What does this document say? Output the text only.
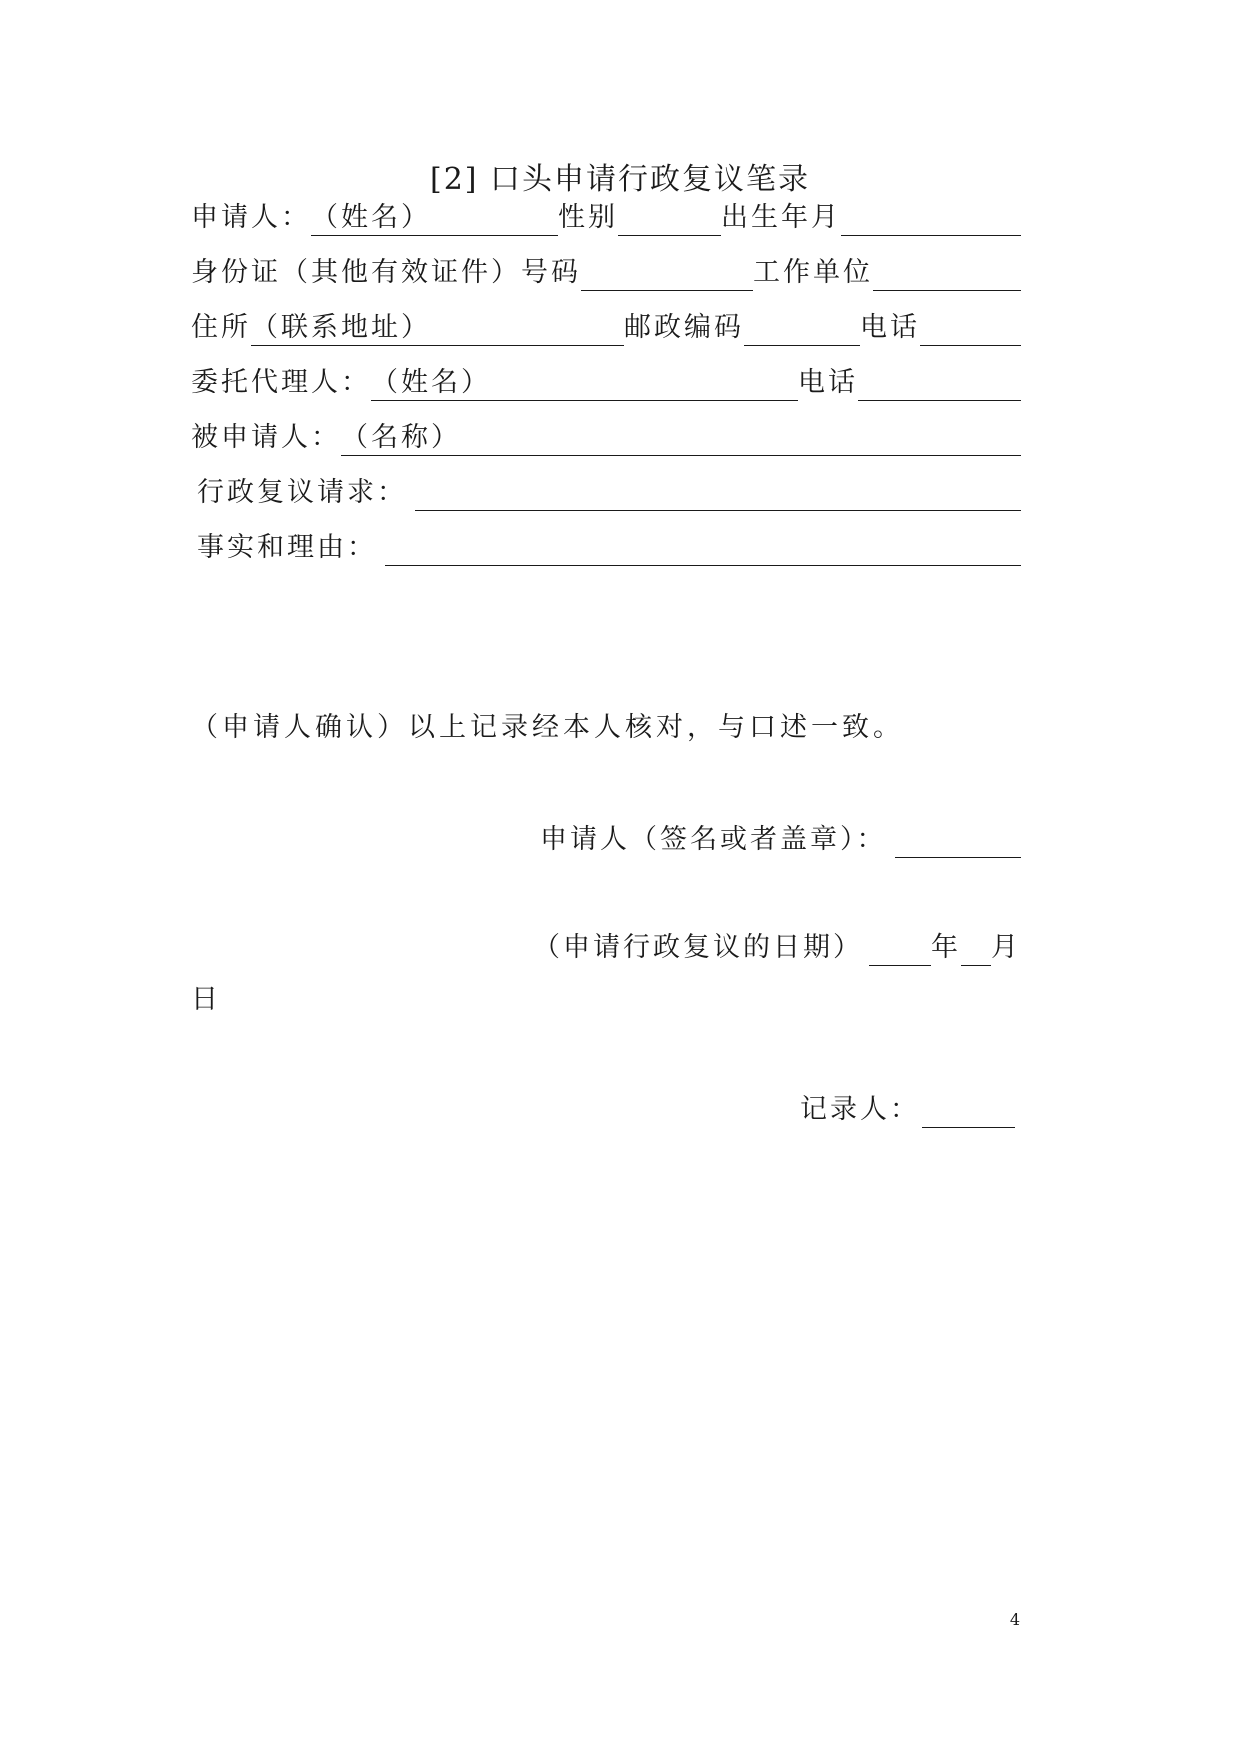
[2] 口头申请行政复议笔录
申请人： （姓名）	性别	出生年月
身份证（其他有效证件）号码	工作单位
住所 （联系地址）	邮政编码	电话
委托代理人： （姓名）	电话
被申请人： （名称）
行政复议请求：
事实和理由：
（申请人确认）以上记录经本人核对，与口述一致。
申请人（签名或者盖章）：
（申请行政复议的日期）	年 月
日
记录人：
4
